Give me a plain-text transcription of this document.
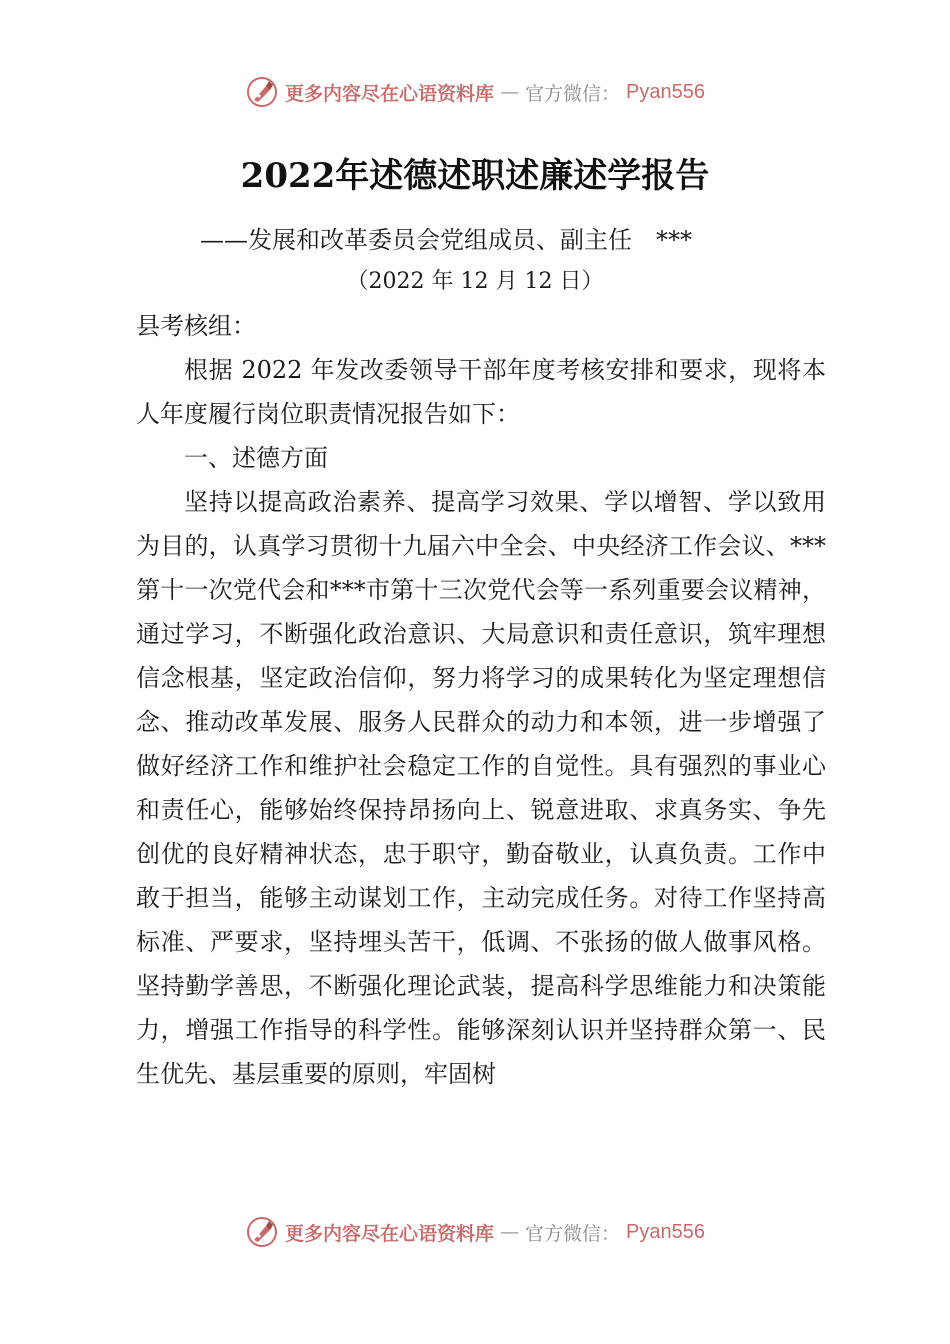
更多内容尽在心语资料库 — 官方微信： Pyan556
2022年述德述职述廉述学报告
——发展和改革委员会党组成员、副主任　***
（2022 年 12 月 12 日）

县考核组：

根据 2022 年发改委领导干部年度考核安排和要求，现将本人年度履行岗位职责情况报告如下：

一、述德方面

坚持以提高政治素养、提高学习效果、学以增智、学以致用为目的，认真学习贯彻十九届六中全会、中央经济工作会议、***第十一次党代会和***市第十三次党代会等一系列重要会议精神，通过学习，不断强化政治意识、大局意识和责任意识，筑牢理想信念根基，坚定政治信仰，努力将学习的成果转化为坚定理想信念、推动改革发展、服务人民群众的动力和本领，进一步增强了做好经济工作和维护社会稳定工作的自觉性。具有强烈的事业心和责任心，能够始终保持昂扬向上、锐意进取、求真务实、争先创优的良好精神状态，忠于职守，勤奋敬业，认真负责。工作中敢于担当，能够主动谋划工作，主动完成任务。对待工作坚持高标准、严要求，坚持埋头苦干，低调、不张扬的做人做事风格。坚持勤学善思，不断强化理论武装，提高科学思维能力和决策能力，增强工作指导的科学性。能够深刻认识并坚持群众第一、民生优先、基层重要的原则，牢固树

更多内容尽在心语资料库 — 官方微信： Pyan556
